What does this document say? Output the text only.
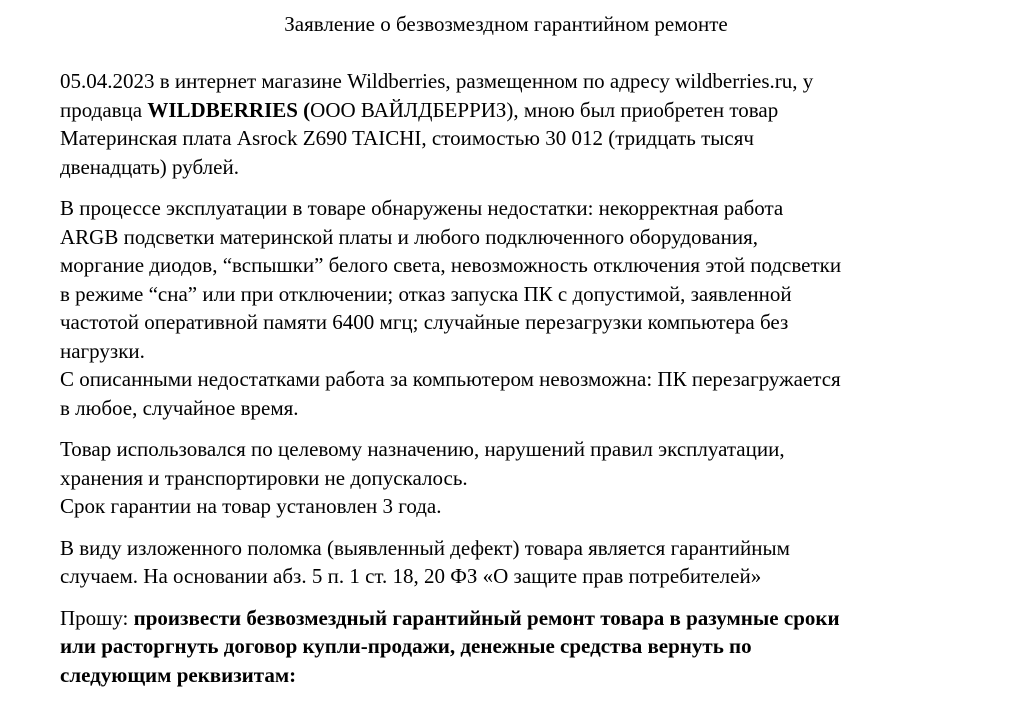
Заявление о безвозмездном гарантийном ремонте
05.04.2023 в интернет магазине Wildberries, размещенном по адресу wildberries.ru, у
продавца WILDBERRIES (ООО ВАЙЛДБЕРРИЗ), мною был приобретен товар
Материнская плата Asrock Z690 TAICHI, стоимостью 30 012 (тридцать тысяч
двенадцать) рублей.
В процессе эксплуатации в товаре обнаружены недостатки: некорректная работа
ARGB подсветки материнской платы и любого подключенного оборудования,
моргание диодов, “вспышки” белого света, невозможность отключения этой подсветки
в режиме “сна” или при отключении; отказ запуска ПК с допустимой, заявленной
частотой оперативной памяти 6400 мгц; случайные перезагрузки компьютера без
нагрузки.
С описанными недостатками работа за компьютером невозможна: ПК перезагружается
в любое, случайное время.
Товар использовался по целевому назначению, нарушений правил эксплуатации,
хранения и транспортировки не допускалось.
Срок гарантии на товар установлен 3 года.
В виду изложенного поломка (выявленный дефект) товара является гарантийным
случаем. На основании абз. 5 п. 1 ст. 18, 20 ФЗ «О защите прав потребителей»
Прошу: произвести безвозмездный гарантийный ремонт товара в разумные сроки
или расторгнуть договор купли-продажи, денежные средства вернуть по
следующим реквизитам:
